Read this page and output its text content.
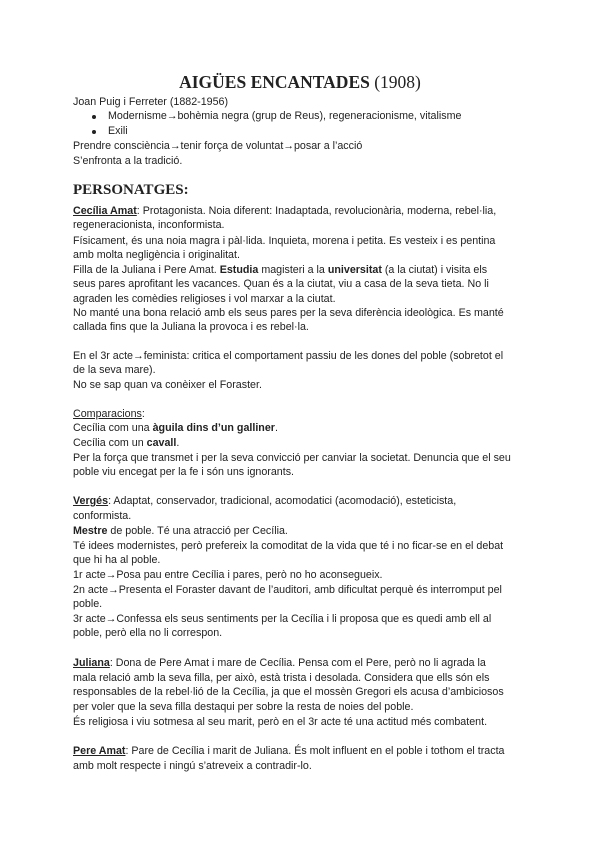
AIGÜES ENCANTADES (1908)
Joan Puig i Ferreter (1882-1956)
Modernisme→bohèmia negra (grup de Reus), regeneracionisme, vitalisme
Exili
Prendre consciència→tenir força de voluntat→posar a l’acció
S’enfronta a la tradició.
PERSONATGES:
Cecília Amat: Protagonista. Noia diferent: Inadaptada, revolucionària, moderna, rebel·lia,
regeneracionista, inconformista.
Físicament, és una noia magra i pàl·lida. Inquieta, morena i petita. Es vesteix i es pentina
amb molta negligència i originalitat.
Filla de la Juliana i Pere Amat. Estudia magisteri a la universitat (a la ciutat) i visita els
seus pares aprofitant les vacances. Quan és a la ciutat, viu a casa de la seva tieta. No li
agraden les comèdies religioses i vol marxar a la ciutat.
No manté una bona relació amb els seus pares per la seva diferència ideològica. Es manté
callada fins que la Juliana la provoca i es rebel·la.
En el 3r acte→feminista: critica el comportament passiu de les dones del poble (sobretot el
de la seva mare).
No se sap quan va conèixer el Foraster.
Comparacions:
Cecília com una àguila dins d’un galliner.
Cecília com un cavall.
Per la força que transmet i per la seva convicció per canviar la societat. Denuncia que el seu
poble viu encegat per la fe i són uns ignorants.
Vergés: Adaptat, conservador, tradicional, acomodatici (acomodació), esteticista,
conformista.
Mestre de poble. Té una atracció per Cecília.
Té idees modernistes, però prefereix la comoditat de la vida que té i no ficar-se en el debat
que hi ha al poble.
1r acte→Posa pau entre Cecília i pares, però no ho aconsegueix.
2n acte→Presenta el Foraster davant de l’auditori, amb dificultat perquè és interromput pel
poble.
3r acte→Confessa els seus sentiments per la Cecília i li proposa que es quedi amb ell al
poble, però ella no li correspon.
Juliana: Dona de Pere Amat i mare de Cecília. Pensa com el Pere, però no li agrada la
mala relació amb la seva filla, per això, està trista i desolada. Considera que ells són els
responsables de la rebel·lió de la Cecília, ja que el mossèn Gregori els acusa d’ambiciosos
per voler que la seva filla destaqui per sobre la resta de noies del poble.
És religiosa i viu sotmesa al seu marit, però en el 3r acte té una actitud més combatent.
Pere Amat: Pare de Cecília i marit de Juliana. És molt influent en el poble i tothom el tracta
amb molt respecte i ningú s’atreveix a contradir-lo.
